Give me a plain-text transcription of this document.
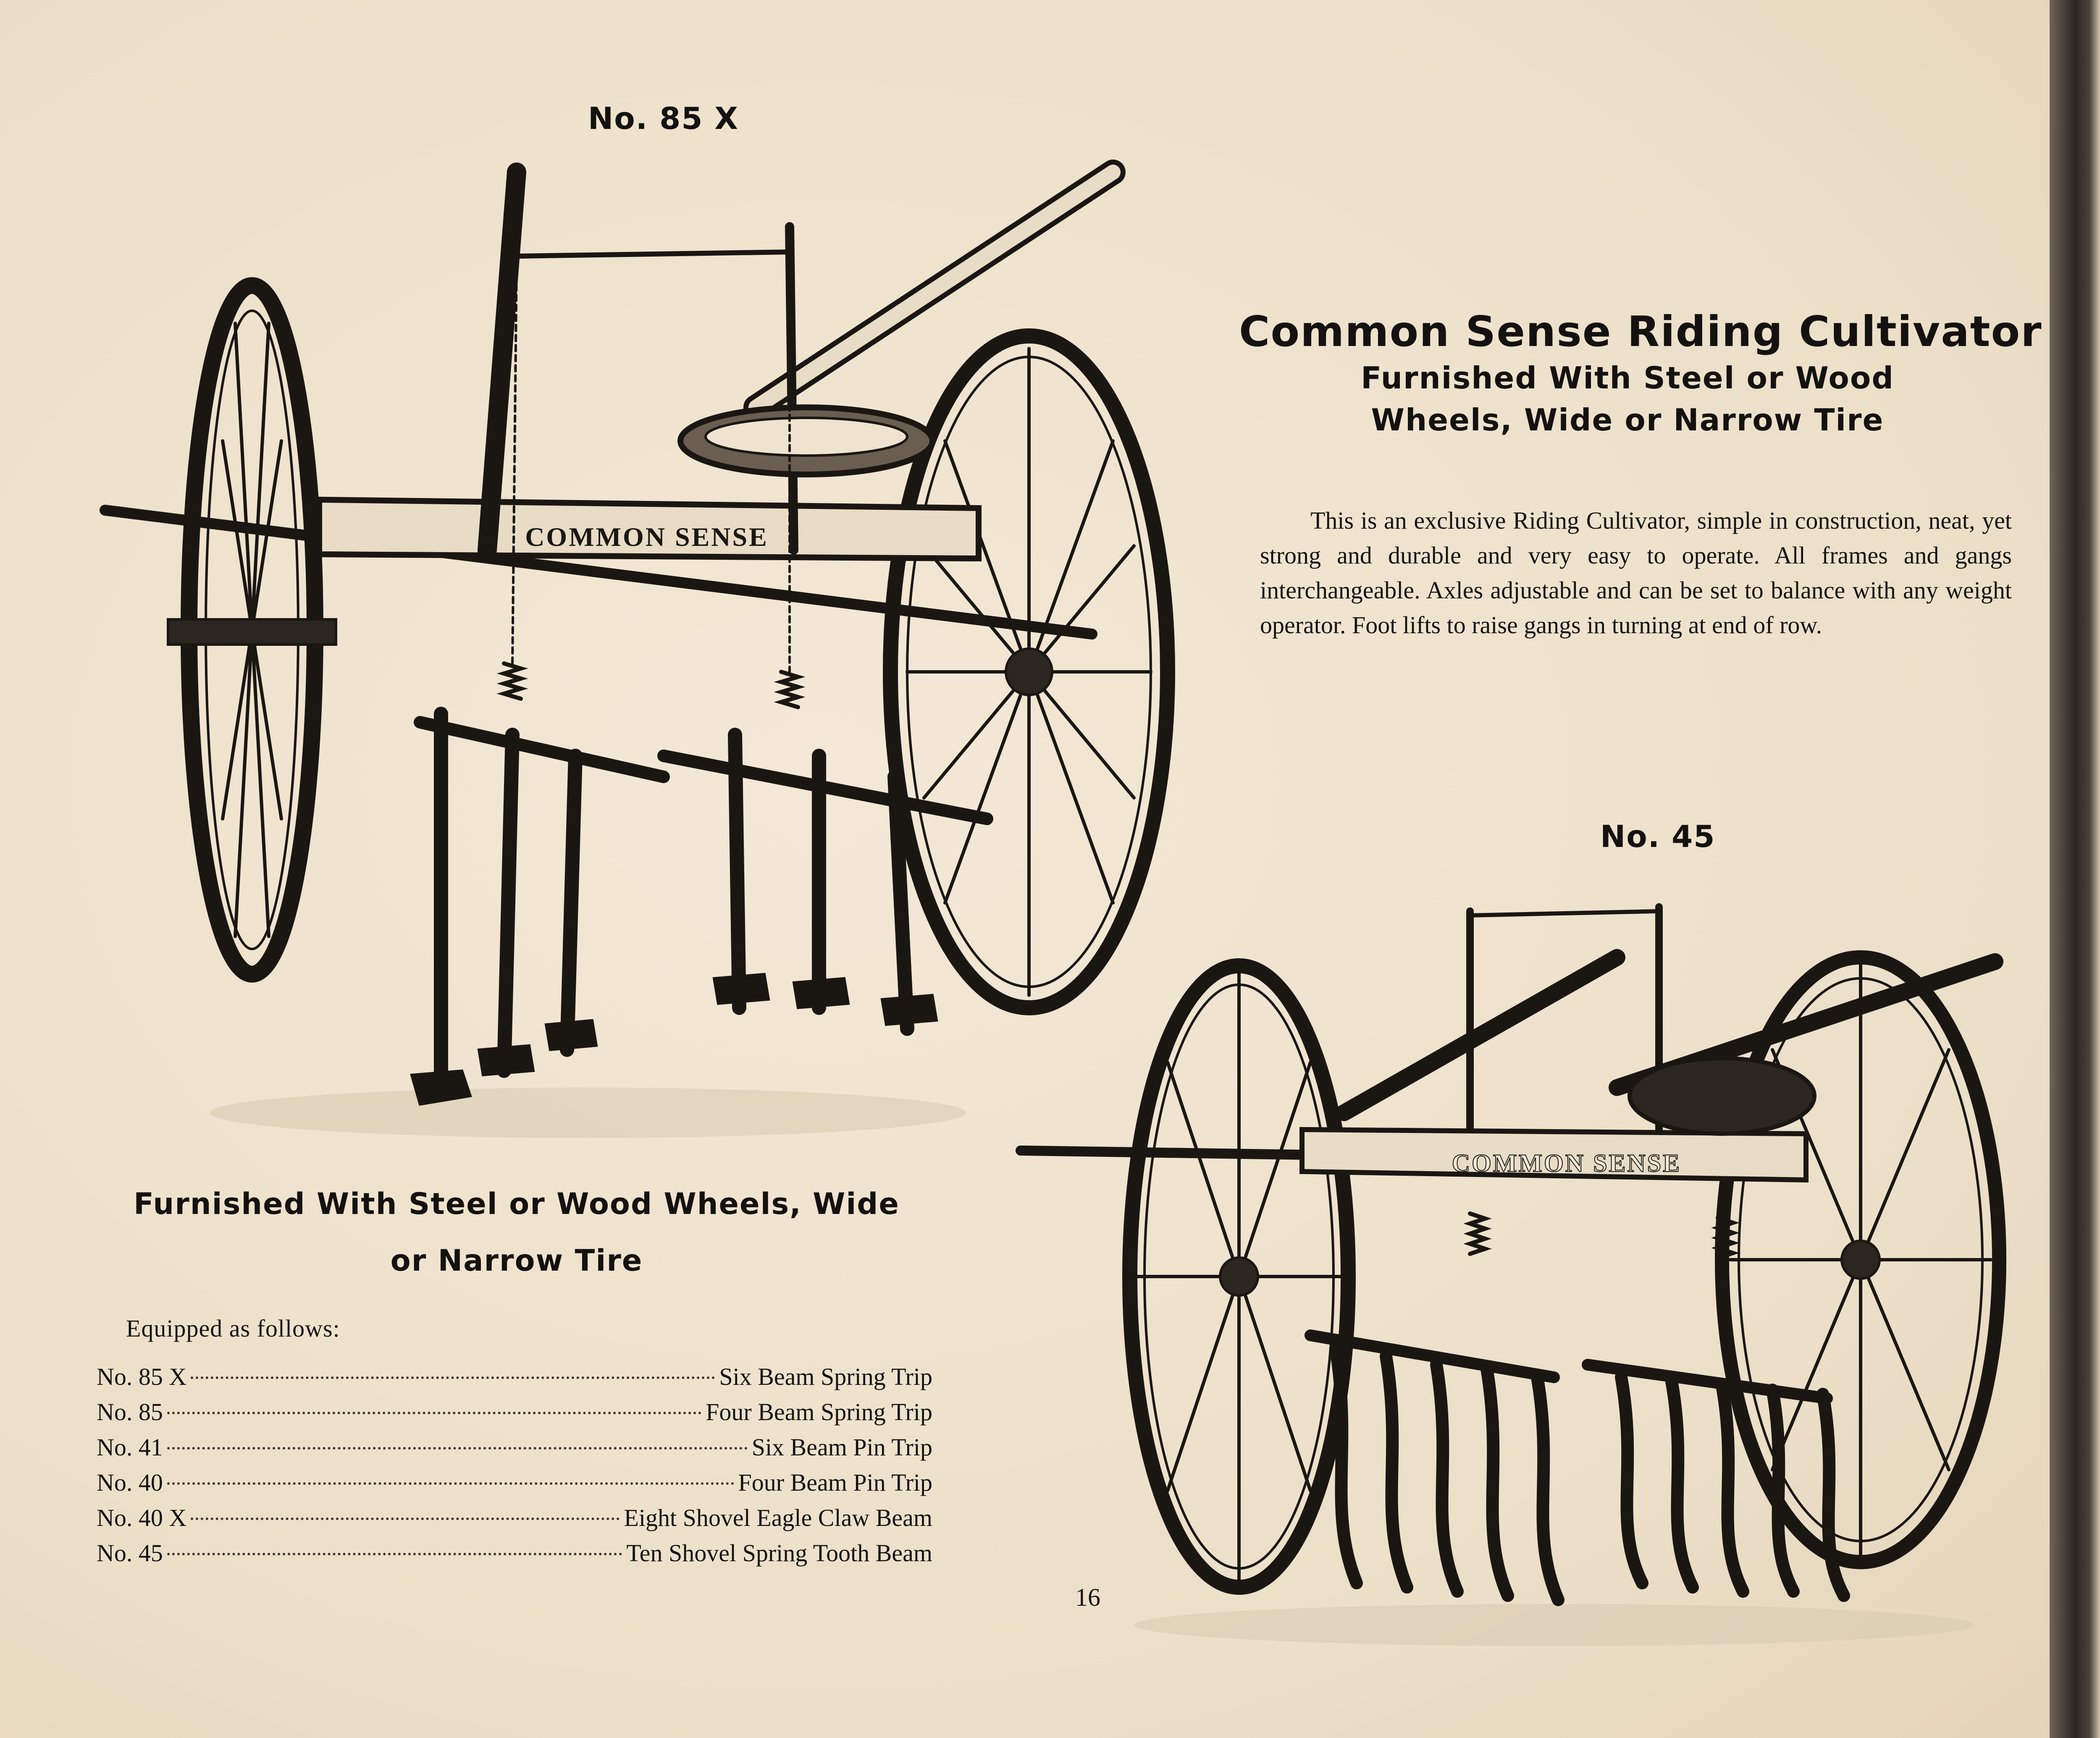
No. 85 X
COMMON SENSE
Common Sense Riding Cultivator
Furnished With Steel or Wood
Wheels, Wide or Narrow Tire

This is an exclusive Riding Cultivator, simple in construction, neat, yet strong and durable and very easy to operate. All frames and gangs interchangeable. Axles adjustable and can be set to balance with any weight operator. Foot lifts to raise gangs in turning at end of row.

No. 45
COMMON SENSE
Furnished With Steel or Wood Wheels, Wide
or Narrow Tire
Equipped as follows:
No. 85 X	Six Beam Spring Trip
No. 85	Four Beam Spring Trip
No. 41	Six Beam Pin Trip
No. 40	Four Beam Pin Trip
No. 40 X	Eight Shovel Eagle Claw Beam
No. 45	Ten Shovel Spring Tooth Beam
16
